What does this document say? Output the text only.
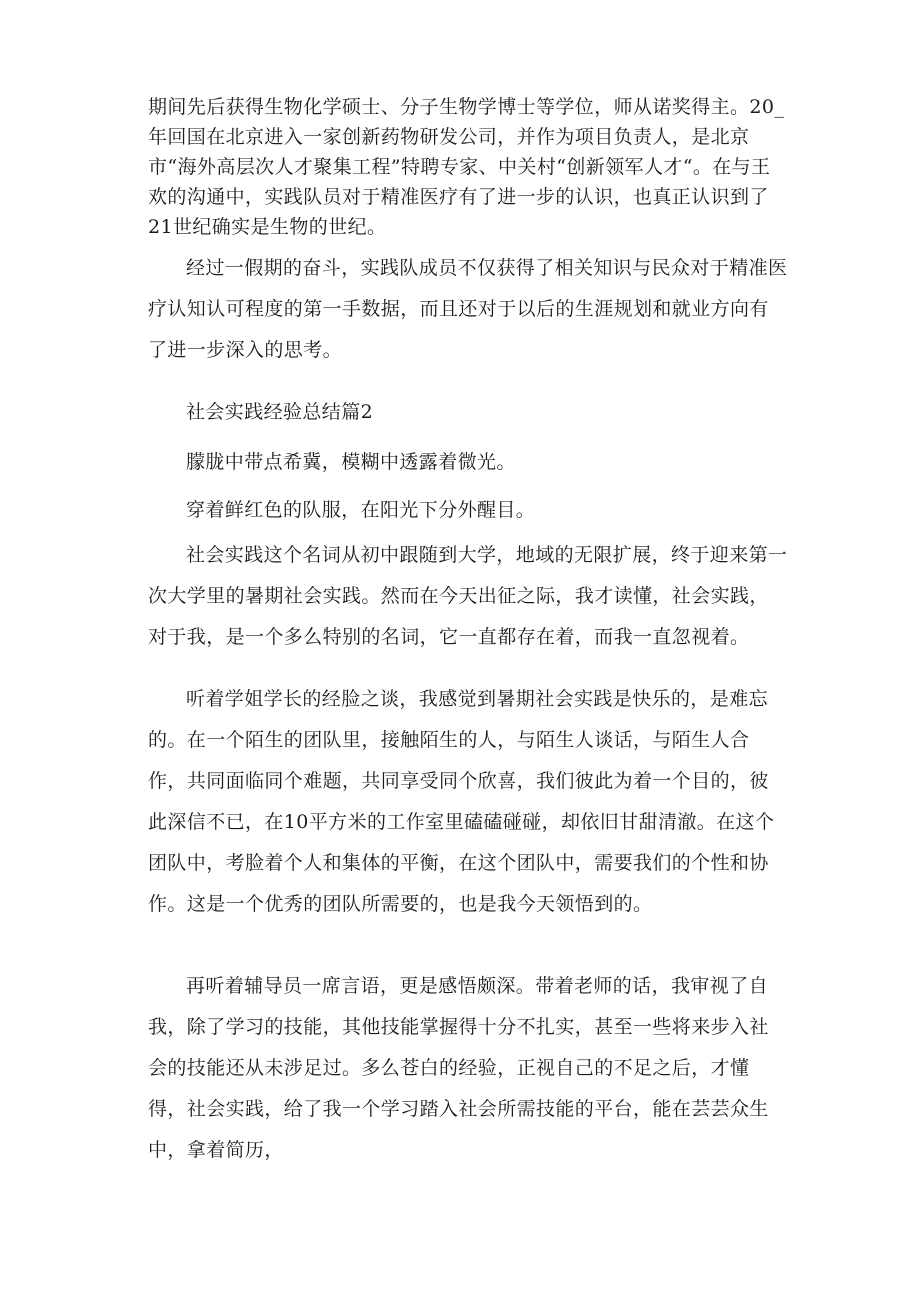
期间先后获得生物化学硕士、分子生物学博士等学位，师从诺奖得主。20_年回国在北京进入一家创新药物研发公司，并作为项目负责人，是北京市“海外高层次人才聚集工程”特聘专家、中关村“创新领军人才“。在与王欢的沟通中，实践队员对于精准医疗有了进一步的认识，也真正认识到了21世纪确实是生物的世纪。

经过一假期的奋斗，实践队成员不仅获得了相关知识与民众对于精准医疗认知认可程度的第一手数据，而且还对于以后的生涯规划和就业方向有了进一步深入的思考。

社会实践经验总结篇2

朦胧中带点希冀，模糊中透露着微光。

穿着鲜红色的队服，在阳光下分外醒目。

社会实践这个名词从初中跟随到大学，地域的无限扩展，终于迎来第一次大学里的暑期社会实践。然而在今天出征之际，我才读懂，社会实践，对于我，是一个多么特别的名词，它一直都存在着，而我一直忽视着。

听着学姐学长的经脸之谈，我感觉到暑期社会实践是快乐的，是难忘的。在一个陌生的团队里，接触陌生的人，与陌生人谈话，与陌生人合作，共同面临同个难题，共同享受同个欣喜，我们彼此为着一个目的，彼此深信不已，在10平方米的工作室里磕磕碰碰，却依旧甘甜清澈。在这个团队中，考脸着个人和集体的平衡，在这个团队中，需要我们的个性和协作。这是一个优秀的团队所需要的，也是我今天领悟到的。

再听着辅导员一席言语，更是感悟颇深。带着老师的话，我审视了自我，除了学习的技能，其他技能掌握得十分不扎实，甚至一些将来步入社会的技能还从未涉足过。多么苍白的经验，正视自己的不足之后，才懂得，社会实践，给了我一个学习踏入社会所需技能的平台，能在芸芸众生中，拿着简历，
